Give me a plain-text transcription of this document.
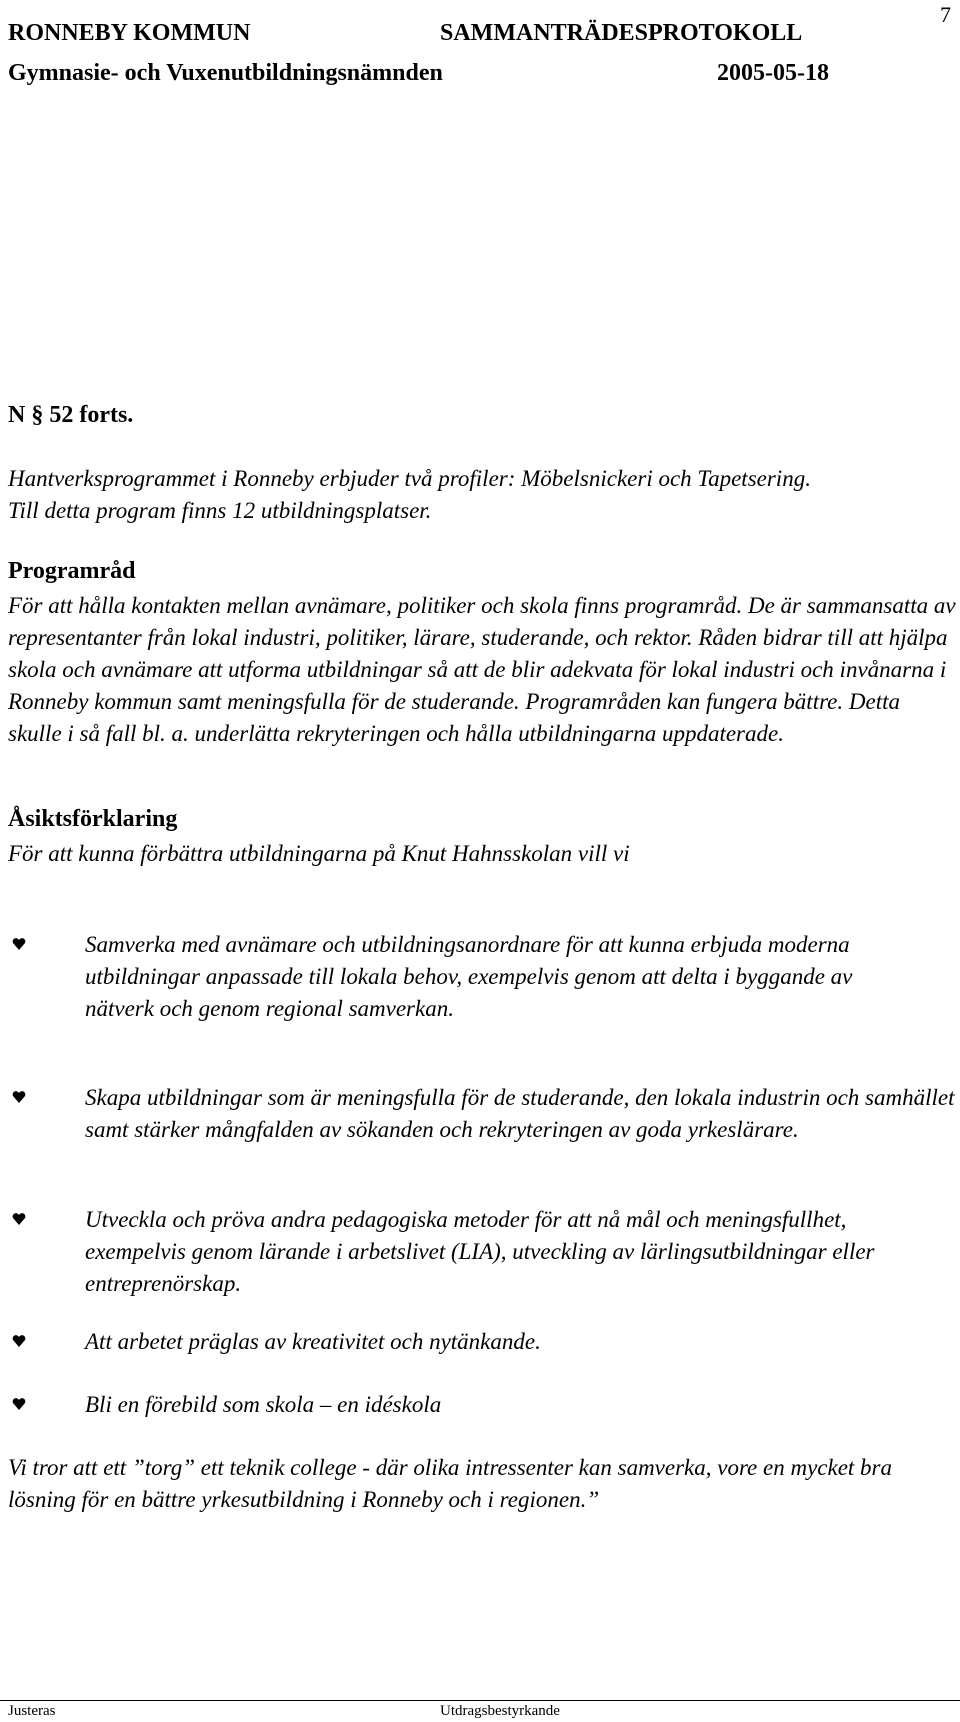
RONNEBY KOMMUN	SAMMANTRÄDESPROTOKOLL
7
Gymnasie- och Vuxenutbildningsnämnden	2005-05-18
N § 52 forts.
Hantverksprogrammet i Ronneby erbjuder två profiler: Möbelsnickeri och Tapetsering.
Till detta program finns 12 utbildningsplatser.
Programråd
För att hålla kontakten mellan avnämare, politiker och skola finns programråd. De är sammansatta av representanter från lokal industri, politiker, lärare, studerande, och rektor. Råden bidrar till att hjälpa skola och avnämare att utforma utbildningar så att de blir adekvata för lokal industri och invånarna i Ronneby kommun samt meningsfulla för de studerande. Programråden kan fungera bättre. Detta skulle i så fall bl. a. underlätta rekryteringen och hålla utbildningarna uppdaterade.
Åsiktsförklaring
För att kunna förbättra utbildningarna på Knut Hahnsskolan vill vi
Samverka med avnämare och utbildningsanordnare för att kunna erbjuda moderna utbildningar anpassade till lokala behov, exempelvis genom att delta i byggande av nätverk och genom regional samverkan.
Skapa utbildningar som är meningsfulla för de studerande, den lokala industrin och samhället samt stärker mångfalden av sökanden och rekryteringen av goda yrkeslärare.
Utveckla och pröva andra pedagogiska metoder för att nå mål och meningsfullhet, exempelvis genom lärande i arbetslivet (LIA), utveckling av lärlingsutbildningar eller entreprenörskap.
Att arbetet präglas av kreativitet och nytänkande.
Bli en förebild som skola – en idéskola
Vi tror att ett ”torg” ett teknik college - där olika intressenter kan samverka, vore en mycket bra lösning för en bättre yrkesutbildning i Ronneby och i regionen.”
Justeras	Utdragsbestyrkande
